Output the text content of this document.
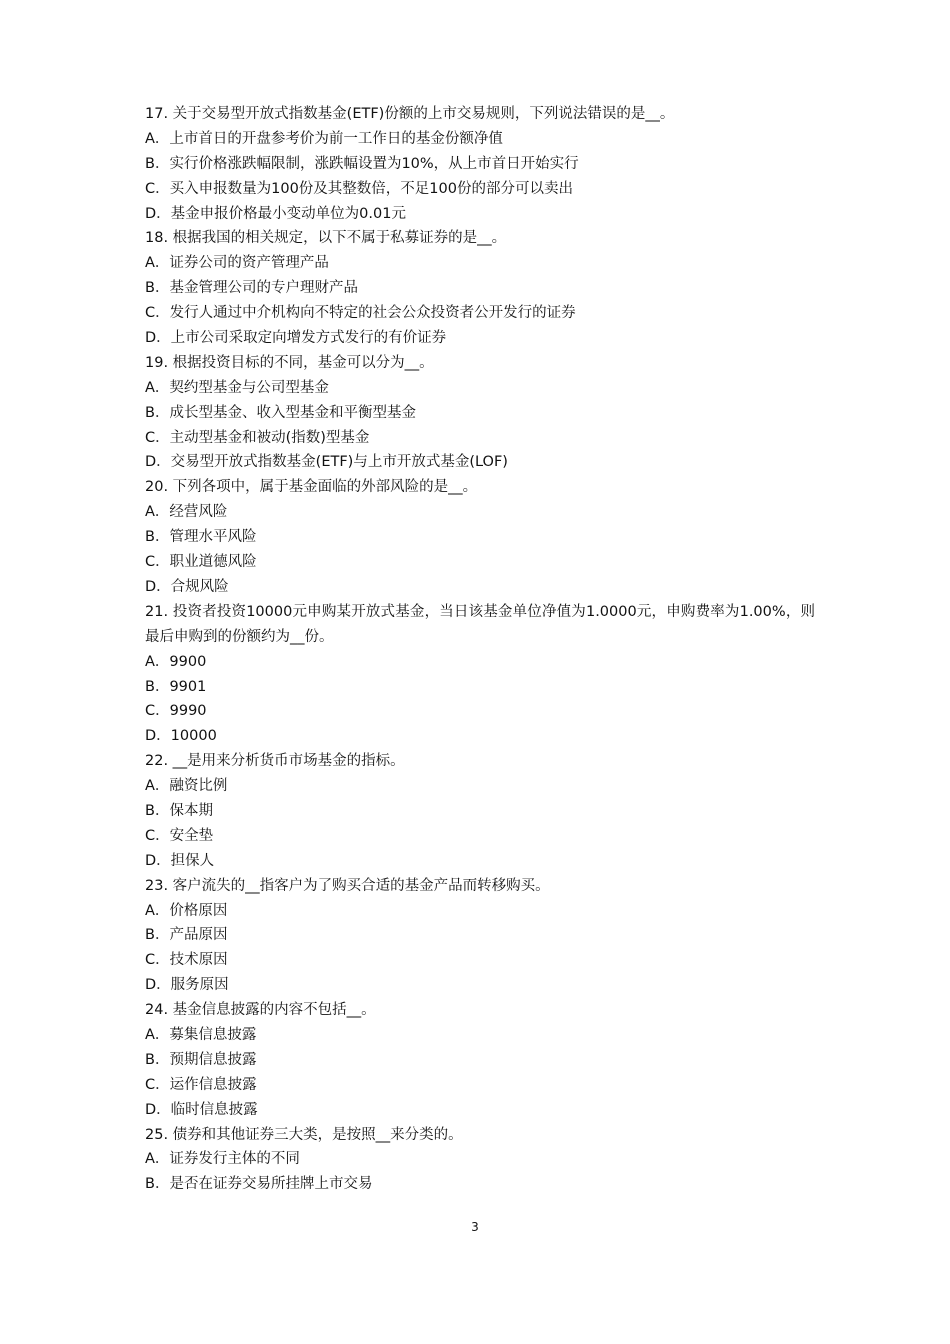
17. 关于交易型开放式指数基金(ETF)份额的上市交易规则，下列说法错误的是__。
A．上市首日的开盘参考价为前一工作日的基金份额净值
B．实行价格涨跌幅限制，涨跌幅设置为10%，从上市首日开始实行
C．买入申报数量为100份及其整数倍，不足100份的部分可以卖出
D．基金申报价格最小变动单位为0.01元
18. 根据我国的相关规定，以下不属于私募证券的是__。
A．证券公司的资产管理产品
B．基金管理公司的专户理财产品
C．发行人通过中介机构向不特定的社会公众投资者公开发行的证券
D．上市公司采取定向增发方式发行的有价证券
19. 根据投资目标的不同，基金可以分为__。
A．契约型基金与公司型基金
B．成长型基金、收入型基金和平衡型基金
C．主动型基金和被动(指数)型基金
D．交易型开放式指数基金(ETF)与上市开放式基金(LOF)
20. 下列各项中，属于基金面临的外部风险的是__。
A．经营风险
B．管理水平风险
C．职业道德风险
D．合规风险
21. 投资者投资10000元申购某开放式基金，当日该基金单位净值为1.0000元，申购费率为1.00%，则最后申购到的份额约为__份。
A．9900
B．9901
C．9990
D．10000
22. __是用来分析货币市场基金的指标。
A．融资比例
B．保本期
C．安全垫
D．担保人
23. 客户流失的__指客户为了购买合适的基金产品而转移购买。
A．价格原因
B．产品原因
C．技术原因
D．服务原因
24. 基金信息披露的内容不包括__。
A．募集信息披露
B．预期信息披露
C．运作信息披露
D．临时信息披露
25. 债券和其他证券三大类，是按照__来分类的。
A．证券发行主体的不同
B．是否在证券交易所挂牌上市交易
3
